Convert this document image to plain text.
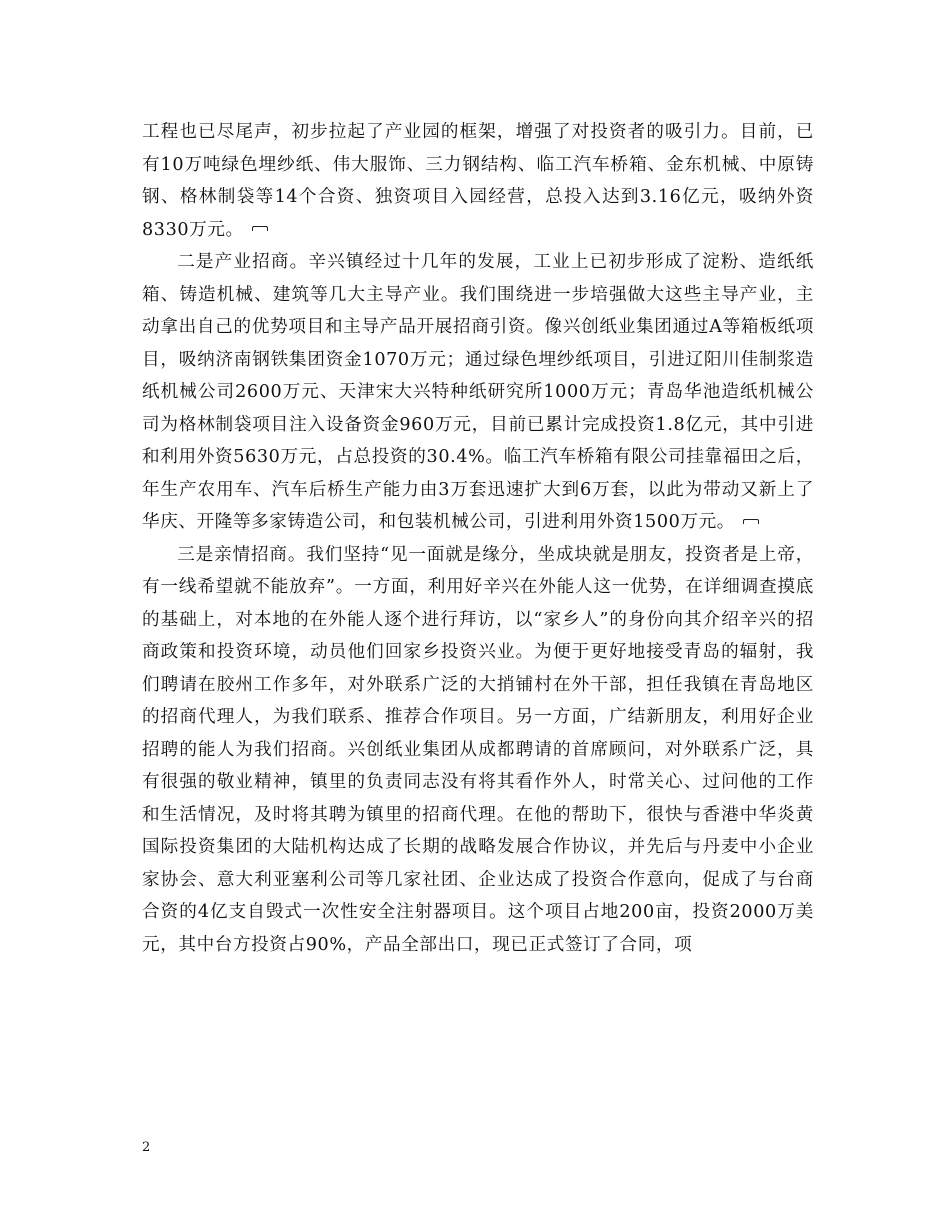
工程也已尽尾声，初步拉起了产业园的框架，增强了对投资者的吸引力。目前，已有10万吨绿色埋纱纸、伟大服饰、三力钢结构、临工汽车桥箱、金东机械、中原铸钢、格林制袋等14个合资、独资项目入园经营，总投入达到3.16亿元，吸纳外资8330万元。

二是产业招商。辛兴镇经过十几年的发展，工业上已初步形成了淀粉、造纸纸箱、铸造机械、建筑等几大主导产业。我们围绕进一步培强做大这些主导产业，主动拿出自己的优势项目和主导产品开展招商引资。像兴创纸业集团通过A等箱板纸项目，吸纳济南钢铁集团资金1070万元；通过绿色埋纱纸项目，引进辽阳川佳制浆造纸机械公司2600万元、天津宋大兴特种纸研究所1000万元；青岛华池造纸机械公司为格林制袋项目注入设备资金960万元，目前已累计完成投资1.8亿元，其中引进和利用外资5630万元，占总投资的30.4%。临工汽车桥箱有限公司挂靠福田之后，年生产农用车、汽车后桥生产能力由3万套迅速扩大到6万套，以此为带动又新上了华庆、开隆等多家铸造公司，和包装机械公司，引进利用外资1500万元。

三是亲情招商。我们坚持“见一面就是缘分，坐成块就是朋友，投资者是上帝，有一线希望就不能放弃”。一方面，利用好辛兴在外能人这一优势，在详细调查摸底的基础上，对本地的在外能人逐个进行拜访，以“家乡人”的身份向其介绍辛兴的招商政策和投资环境，动员他们回家乡投资兴业。为便于更好地接受青岛的辐射，我们聘请在胶州工作多年，对外联系广泛的大捎铺村在外干部，担任我镇在青岛地区的招商代理人，为我们联系、推荐合作项目。另一方面，广结新朋友，利用好企业招聘的能人为我们招商。兴创纸业集团从成都聘请的首席顾问，对外联系广泛，具有很强的敬业精神，镇里的负责同志没有将其看作外人，时常关心、过问他的工作和生活情况，及时将其聘为镇里的招商代理。在他的帮助下，很快与香港中华炎黄国际投资集团的大陆机构达成了长期的战略发展合作协议，并先后与丹麦中小企业家协会、意大利亚塞利公司等几家社团、企业达成了投资合作意向，促成了与台商合资的4亿支自毁式一次性安全注射器项目。这个项目占地200亩，投资2000万美元，其中台方投资占90%，产品全部出口，现已正式签订了合同，项

2
